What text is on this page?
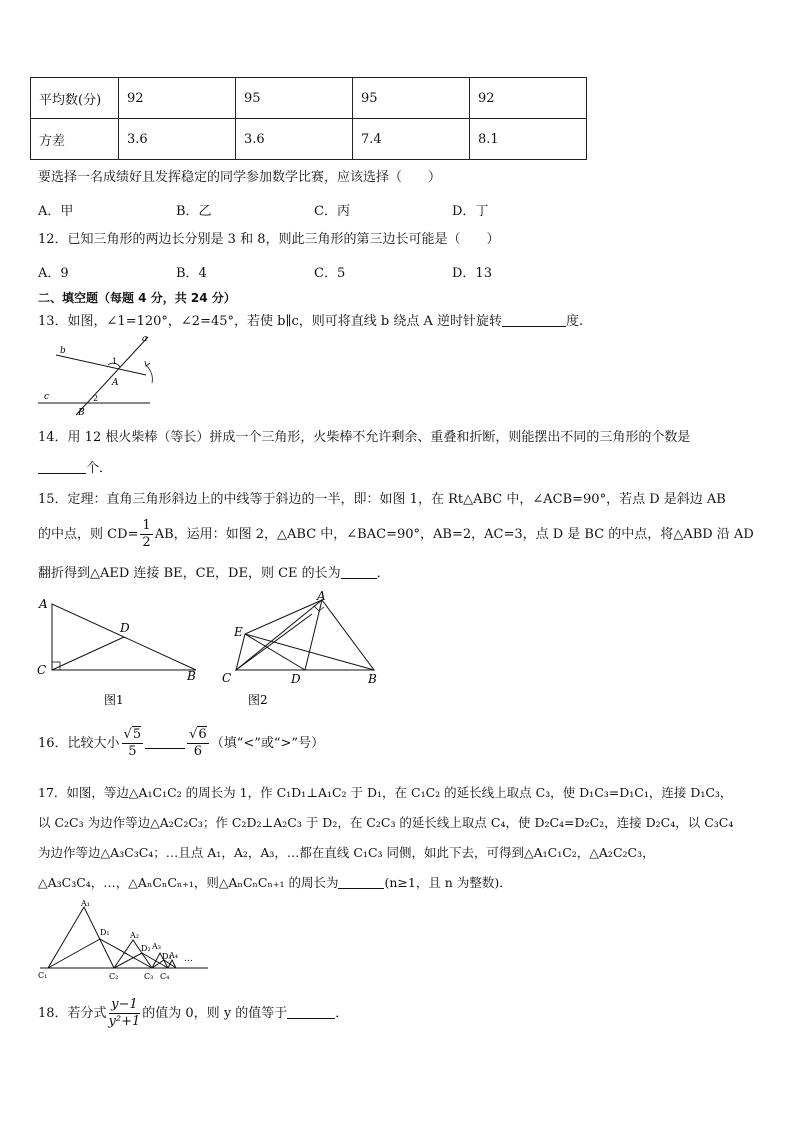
平均数(分)	92	95	95	92
方差	3.6	3.6	7.4	8.1
要选择一名成绩好且发挥稳定的同学参加数学比赛，应该选择（　　）
A．甲	B．乙	C．丙	D．丁
12．已知三角形的两边长分别是 3 和 8，则此三角形的第三边长可能是（　　）
A．9	B．4	C．5	D．13
二、填空题（每题 4 分，共 24 分）
13．如图，∠1=120°，∠2=45°，若使 b∥c，则可将直线 b 绕点 A 逆时针旋转	度.
b
a
c
A
B
1
2
14．用 12 根火柴棒（等长）拼成一个三角形，火柴棒不允许剩余、重叠和折断，则能摆出不同的三角形的个数是
个．
15．定理：直角三角形斜边上的中线等于斜边的一半，即：如图 1，在 Rt△ABC 中，∠ACB=90°，若点 D 是斜边 AB
的中点，则 $CD= \frac{1}{2}$ AB，运用：如图 2，△ABC 中，∠BAC=90°，AB=2，AC=3，点 D 是 BC 的中点，将△ABD 沿 AD
翻折得到△AED 连接 BE，CE，DE，则 CE 的长为	．
A
D
C	B
图1
A
E
C	D	B
图2
16．比较大小 $\frac{√5}{5}$	$\frac{√6}{6}$ （填“<”或“>”号）
17．如图，等边△A₁C₁C₂ 的周长为 1，作 C₁D₁⊥A₁C₂ 于 D₁，在 C₁C₂ 的延长线上取点 C₃，使 D₁C₃=D₁C₁，连接 D₁C₃，
以 C₂C₃ 为边作等边△A₂C₂C₃；作 C₂D₂⊥A₂C₃ 于 D₂，在 C₂C₃ 的延长线上取点 C₄，使 D₂C₄=D₂C₂，连接 D₂C₄，以 C₃C₄
为边作等边△A₃C₃C₄；…且点 A₁，A₂，A₃，…都在直线 C₁C₃ 同侧，如此下去，可得到△A₁C₁C₂，△A₂C₂C₃，
△A₃C₃C₄，…，△AₙCₙCₙ₊₁，则△AₙCₙCₙ₊₁ 的周长为	(n≥1，且 n 为整数)．
A₁
D₁	A₂
D₂ A₃
D₃
A₄ …
C₁	C₂	C₃ C₄
18．若分式 $\frac{y-1}{\text{y²+1}}$ 的值为 0，则 y 的值等于	．
